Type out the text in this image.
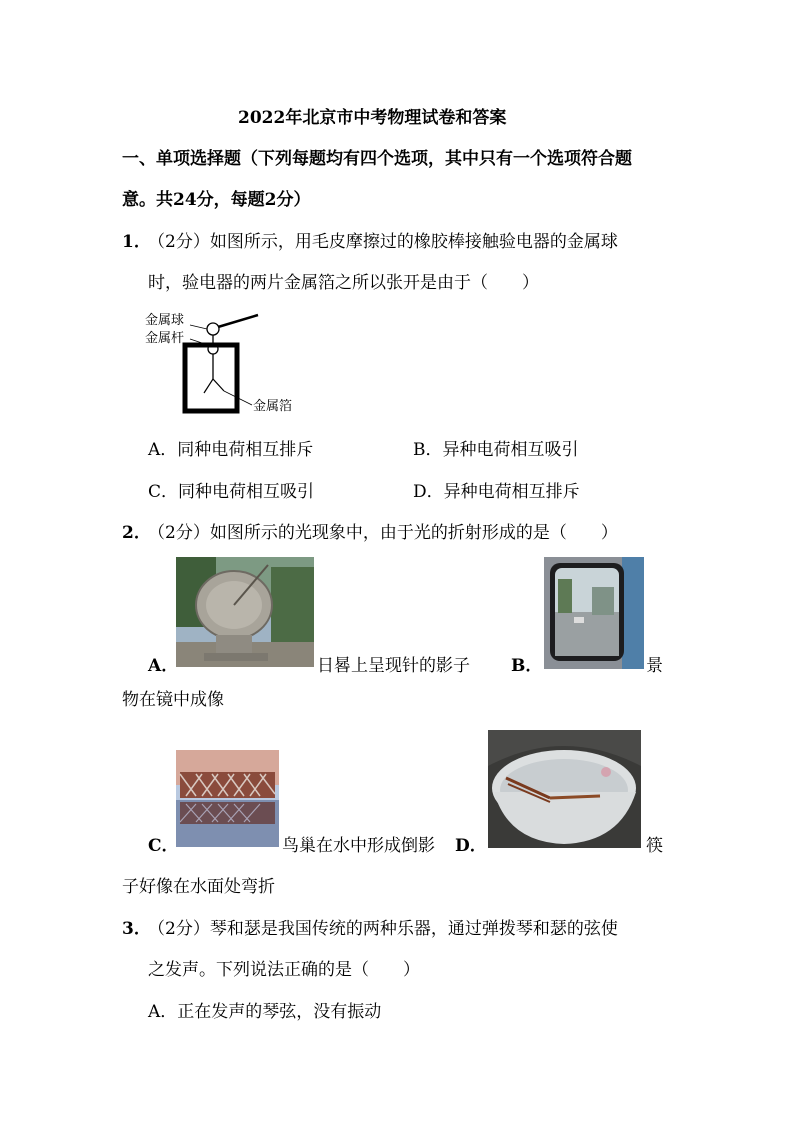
2022年北京市中考物理试卷和答案
一、单项选择题（下列每题均有四个选项，其中只有一个选项符合题
意。共24分，每题2分）
1．
（2分）如图所示，用毛皮摩擦过的橡胶棒接触验电器的金属球
时，验电器的两片金属箔之所以张开是由于（　　）
金属球
金属杆
金属箔
A．同种电荷相互排斥	B．异种电荷相互吸引
C．同种电荷相互吸引	D．异种电荷相互排斥
2．
（2分）如图所示的光现象中，由于光的折射形成的是（　　）
A．	日晷上呈现针的影子 B．	景
物在镜中成像
C．	鸟巢在水中形成倒影 D．	筷
子好像在水面处弯折
3．
（2分）琴和瑟是我国传统的两种乐器，通过弹拨琴和瑟的弦使
之发声。下列说法正确的是（　　）
A．正在发声的琴弦，没有振动
